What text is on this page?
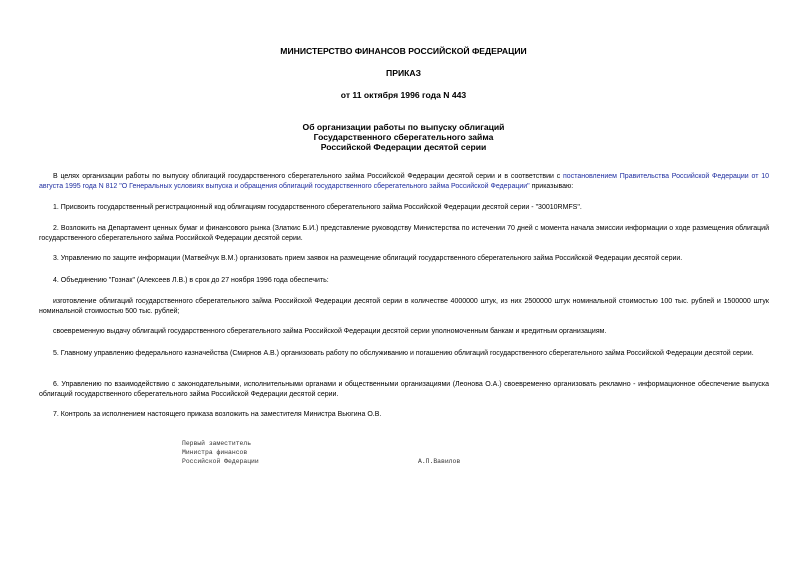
МИНИСТЕРСТВО ФИНАНСОВ РОССИЙСКОЙ ФЕДЕРАЦИИ
ПРИКАЗ
от 11 октября 1996 года N 443
Об организации работы по выпуску облигаций
Государственного сберегательного займа
Российской Федерации десятой серии
В целях организации работы по выпуску облигаций государственного сберегательного займа Российской Федерации десятой серии и в соответствии с постановлением Правительства Российской Федерации от 10 августа 1995 года N 812 "О Генеральных условиях выпуска и обращения облигаций государственного сберегательного займа Российской Федерации" приказываю:
1. Присвоить государственный регистрационный код облигациям государственного сберегательного займа Российской Федерации десятой серии - "30010RMFS".
2. Возложить на Департамент ценных бумаг и финансового рынка (Златкис Б.И.) представление руководству Министерства по истечении 70 дней с момента начала эмиссии информации о ходе размещения облигаций государственного сберегательного займа Российской Федерации десятой серии.
3. Управлению по защите информации (Матвейчук В.М.) организовать прием заявок на размещение облигаций государственного сберегательного займа Российской Федерации десятой серии.
4. Объединению "Гознак" (Алексеев Л.В.) в срок до 27 ноября 1996 года обеспечить:
изготовление облигаций государственного сберегательного займа Российской Федерации десятой серии в количестве 4000000 штук, из них 2500000 штук номинальной стоимостью 100 тыс. рублей и 1500000 штук номинальной стоимостью 500 тыс. рублей;
своевременную выдачу облигаций государственного сберегательного займа Российской Федерации десятой серии уполномоченным банкам и кредитным организациям.
5. Главному управлению федерального казначейства (Смирнов А.В.) организовать работу по обслуживанию и погашению облигаций государственного сберегательного займа Российской Федерации десятой серии.
6. Управлению по взаимодействию с законодательными, исполнительными органами и общественными организациями (Леонова О.А.) своевременно организовать рекламно - информационное обеспечение выпуска облигаций государственного сберегательного займа Российской Федерации десятой серии.
7. Контроль за исполнением настоящего приказа возложить на заместителя Министра Вьюгина О.В.
Первый заместитель
Министра финансов
Российской Федерации	А.П.Вавилов
